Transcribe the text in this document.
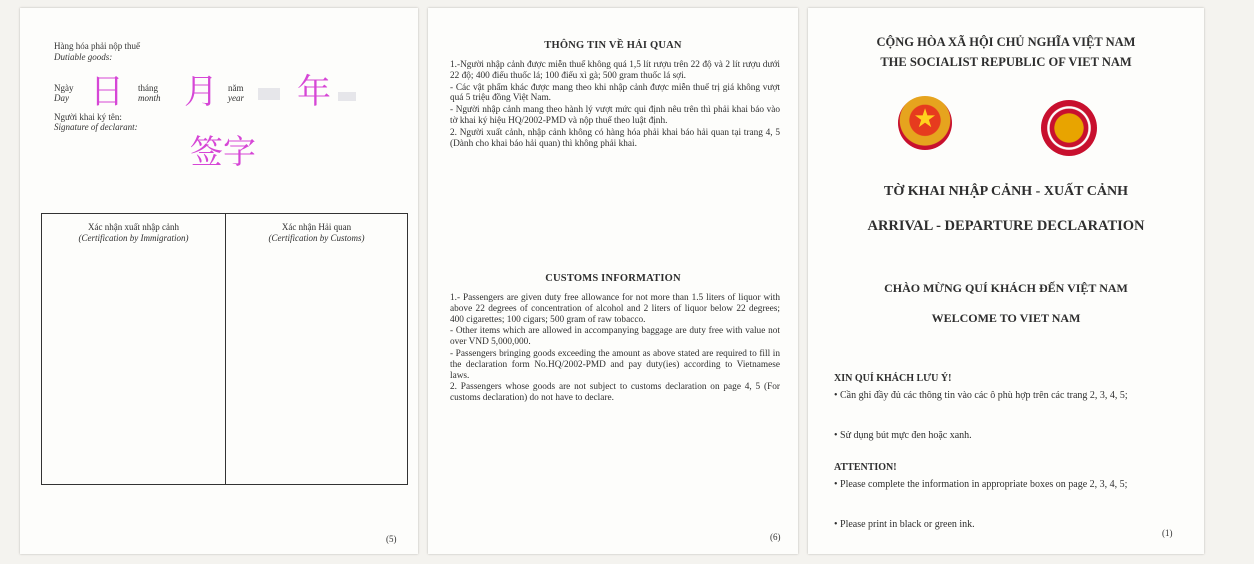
Hàng hóa phải nộp thuế
Dutiable goods:
Ngày
Day 日 tháng
month 月 năm
year 年
Người khai ký tên:
Signature of declarant:
签字
Xác nhận xuất nhập cảnh
(Certification by Immigration)
Xác nhận Hải quan
(Certification by Customs)
(5)
THÔNG TIN VỀ HẢI QUAN

1.-Người nhập cảnh được miễn thuế không quá 1,5 lít rượu trên 22 độ và 2 lít rượu dưới 22 độ; 400 điếu thuốc lá; 100 điếu xì gà; 500 gram thuốc lá sợi.

- Các vật phẩm khác được mang theo khi nhập cảnh được miễn thuế trị giá không vượt quá 5 triệu đồng Việt Nam.

- Người nhập cảnh mang theo hành lý vượt mức qui định nêu trên thì phải khai báo vào tờ khai ký hiệu HQ/2002-PMD và nộp thuế theo luật định.

2. Người xuất cảnh, nhập cảnh không có hàng hóa phải khai báo hải quan tại trang 4, 5 (Dành cho khai báo hải quan) thì không phải khai.

CUSTOMS INFORMATION

1.- Passengers are given duty free allowance for not more than 1.5 liters of liquor with above 22 degrees of concentration of alcohol and 2 liters of liquor below 22 degrees; 400 cigarettes; 100 cigars; 500 gram of raw tobacco.

- Other items which are allowed in accompanying baggage are duty free with value not over VND 5,000,000.

- Passengers bringing goods exceeding the amount as above stated are required to fill in the declaration form No.HQ/2002-PMD and pay duty(ies) according to Vietnamese laws.

2. Passengers whose goods are not subject to customs declaration on page 4, 5 (For customs declaration) do not have to declare.

(6)
CỘNG HÒA XÃ HỘI CHỦ NGHĨA VIỆT NAM
THE SOCIALIST REPUBLIC OF VIET NAM
★
TỜ KHAI NHẬP CẢNH - XUẤT CẢNH
ARRIVAL - DEPARTURE DECLARATION
CHÀO MỪNG QUÍ KHÁCH ĐẾN VIỆT NAM
WELCOME TO VIET NAM
XIN QUÍ KHÁCH LƯU Ý!
• Cần ghi đầy đủ các thông tin vào các ô phù hợp trên các trang 2, 3, 4, 5;
• Sử dụng bút mực đen hoặc xanh.
ATTENTION!
• Please complete the information in appropriate boxes on page 2, 3, 4, 5;
• Please print in black or green ink.
(1)
